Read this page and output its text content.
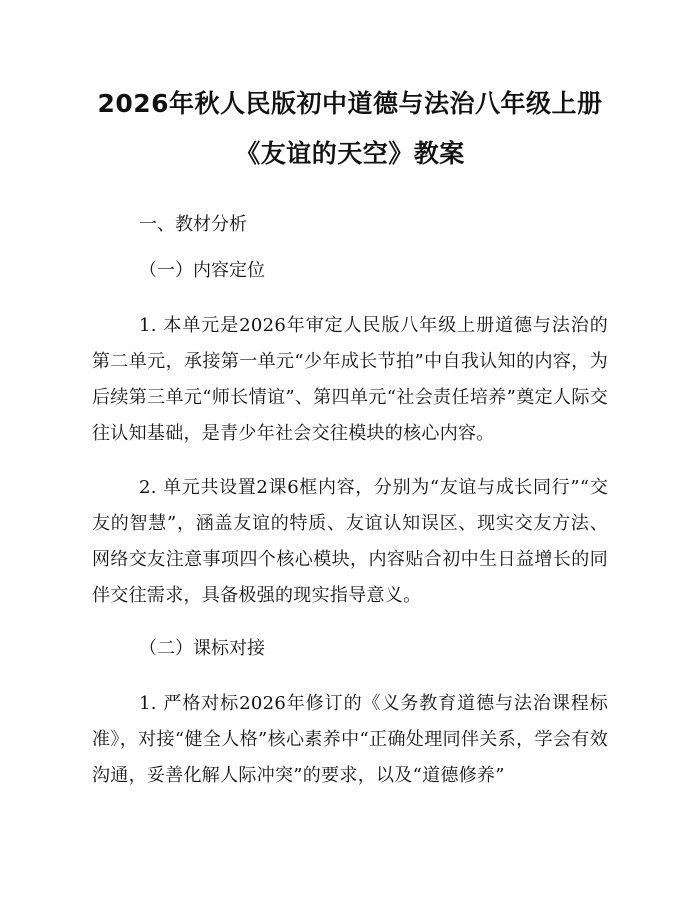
2026年秋人民版初中道德与法治八年级上册
《友谊的天空》教案

一、教材分析

（一）内容定位

1. 本单元是2026年审定人民版八年级上册道德与法治的第二单元，承接第一单元“少年成长节拍”中自我认知的内容，为后续第三单元“师长情谊”、第四单元“社会责任培养”奠定人际交往认知基础，是青少年社会交往模块的核心内容。

2. 单元共设置2课6框内容，分别为“友谊与成长同行”“交友的智慧”，涵盖友谊的特质、友谊认知误区、现实交友方法、网络交友注意事项四个核心模块，内容贴合初中生日益增长的同伴交往需求，具备极强的现实指导意义。

（二）课标对接

1. 严格对标2026年修订的《义务教育道德与法治课程标准》，对接“健全人格”核心素养中“正确处理同伴关系，学会有效沟通，妥善化解人际冲突”的要求，以及“道德修养”
